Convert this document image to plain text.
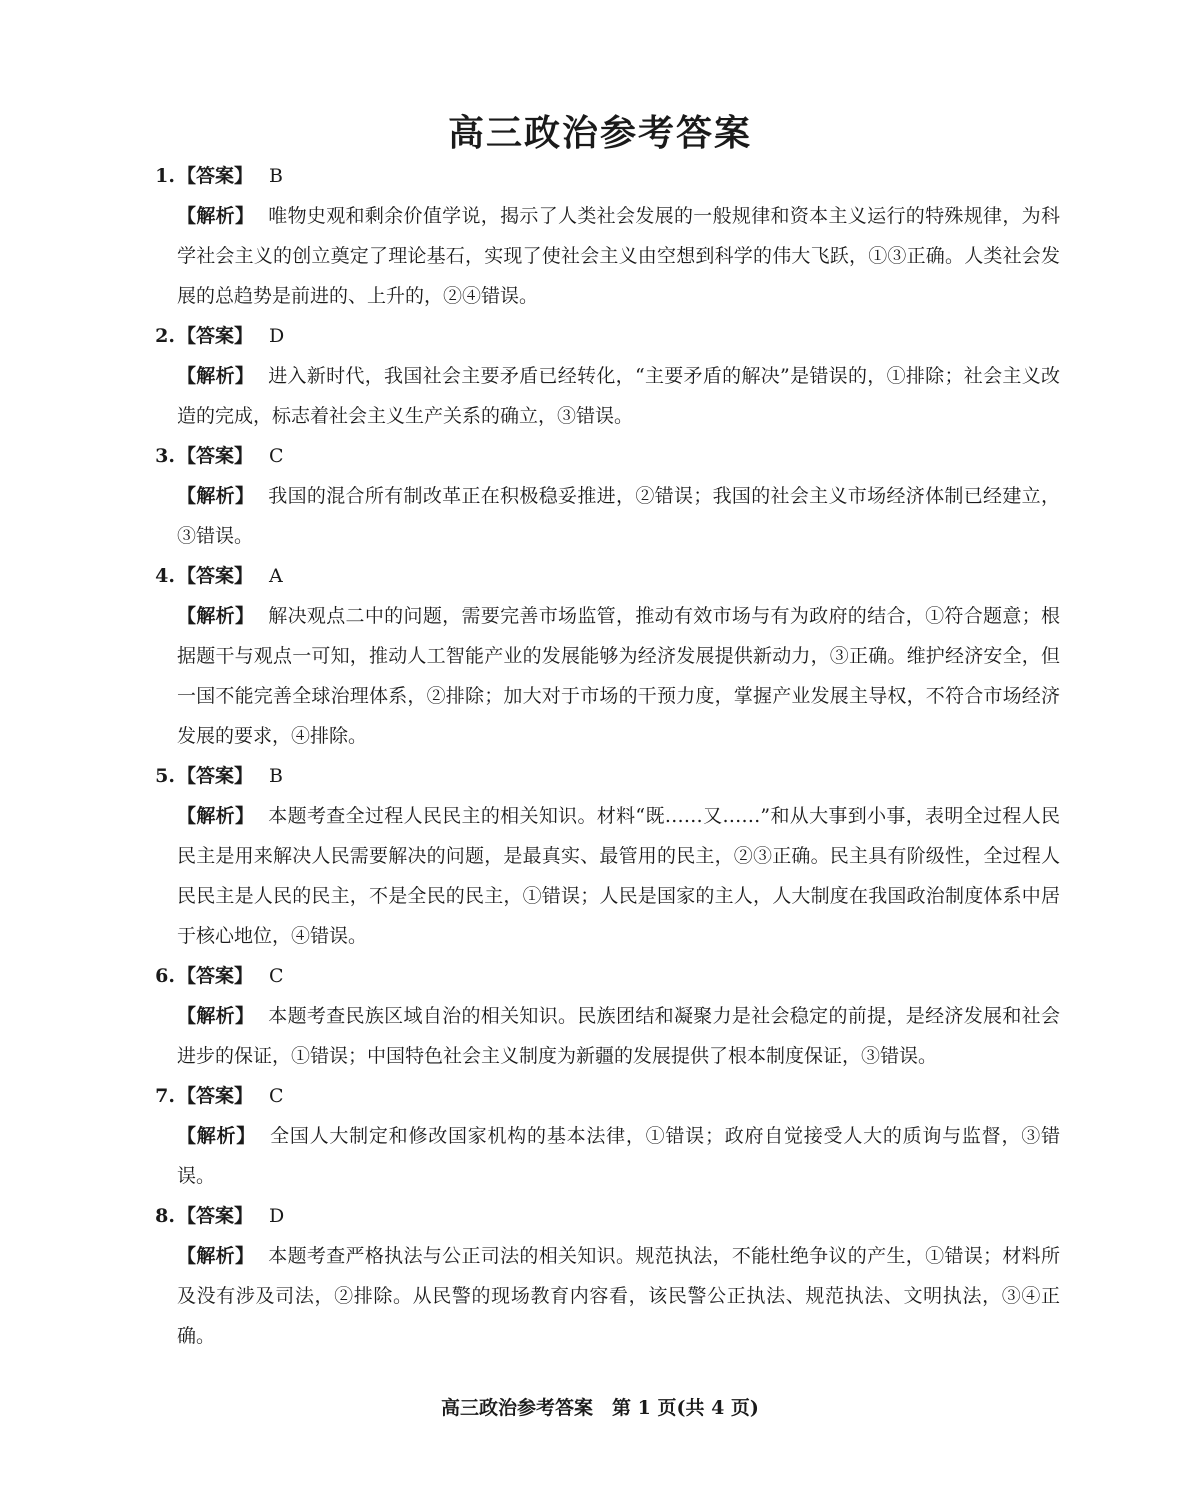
高三政治参考答案
1. 【答案】 B
【解析】 唯物史观和剩余价值学说，揭示了人类社会发展的一般规律和资本主义运行的特殊规律，为科学社会主义的创立奠定了理论基石，实现了使社会主义由空想到科学的伟大飞跃，①③正确。人类社会发展的总趋势是前进的、上升的，②④错误。
2. 【答案】 D
【解析】 进入新时代，我国社会主要矛盾已经转化，“主要矛盾的解决”是错误的，①排除；社会主义改造的完成，标志着社会主义生产关系的确立，③错误。
3. 【答案】 C
【解析】 我国的混合所有制改革正在积极稳妥推进，②错误；我国的社会主义市场经济体制已经建立，③错误。
4. 【答案】 A
【解析】 解决观点二中的问题，需要完善市场监管，推动有效市场与有为政府的结合，①符合题意；根据题干与观点一可知，推动人工智能产业的发展能够为经济发展提供新动力，③正确。维护经济安全，但一国不能完善全球治理体系，②排除；加大对于市场的干预力度，掌握产业发展主导权，不符合市场经济发展的要求，④排除。
5. 【答案】 B
【解析】 本题考查全过程人民民主的相关知识。材料“既……又……”和从大事到小事，表明全过程人民民主是用来解决人民需要解决的问题，是最真实、最管用的民主，②③正确。民主具有阶级性，全过程人民民主是人民的民主，不是全民的民主，①错误；人民是国家的主人，人大制度在我国政治制度体系中居于核心地位，④错误。
6. 【答案】 C
【解析】 本题考查民族区域自治的相关知识。民族团结和凝聚力是社会稳定的前提，是经济发展和社会进步的保证，①错误；中国特色社会主义制度为新疆的发展提供了根本制度保证，③错误。
7. 【答案】 C
【解析】 全国人大制定和修改国家机构的基本法律，①错误；政府自觉接受人大的质询与监督，③错误。
8. 【答案】 D
【解析】 本题考查严格执法与公正司法的相关知识。规范执法，不能杜绝争议的产生，①错误；材料所及没有涉及司法，②排除。从民警的现场教育内容看，该民警公正执法、规范执法、文明执法，③④正确。
高三政治参考答案　第 1 页(共 4 页)
